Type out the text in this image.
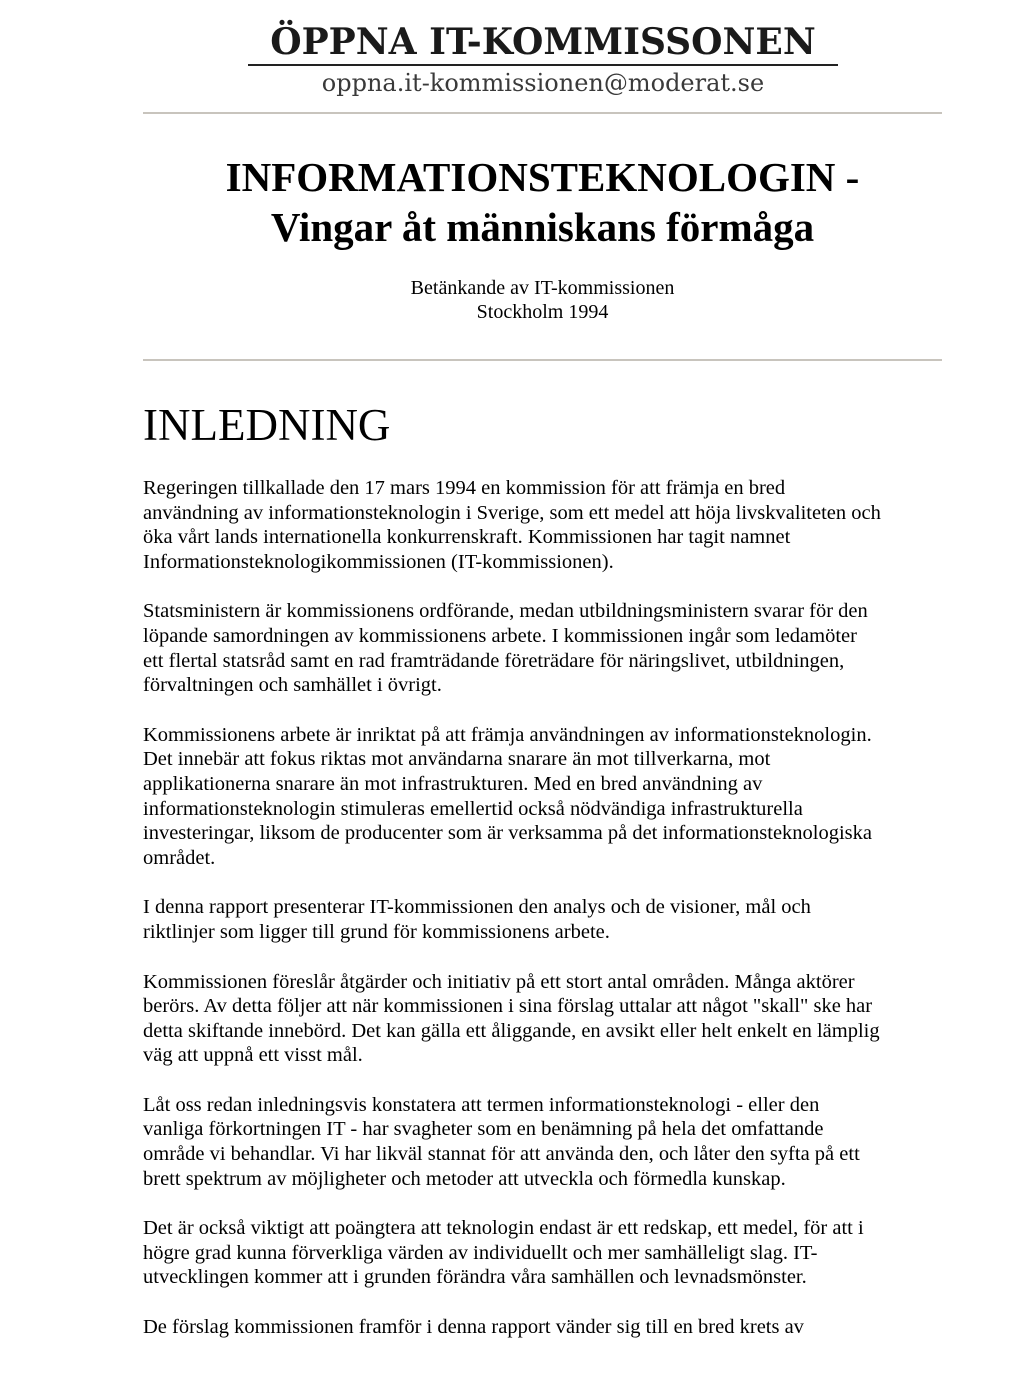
ÖPPNA IT-KOMMISSONEN
oppna.it-kommissionen@moderat.se
INFORMATIONSTEKNOLOGIN -
Vingar åt människans förmåga
Betänkande av IT-kommissionen
Stockholm 1994
INLEDNING

Regeringen tillkallade den 17 mars 1994 en kommission för att främja en bred
användning av informationsteknologin i Sverige, som ett medel att höja livskvaliteten och
öka vårt lands internationella konkurrenskraft. Kommissionen har tagit namnet
Informationsteknologikommissionen (IT-kommissionen).

Statsministern är kommissionens ordförande, medan utbildningsministern svarar för den
löpande samordningen av kommissionens arbete. I kommissionen ingår som ledamöter
ett flertal statsråd samt en rad framträdande företrädare för näringslivet, utbildningen,
förvaltningen och samhället i övrigt.

Kommissionens arbete är inriktat på att främja användningen av informationsteknologin.
Det innebär att fokus riktas mot användarna snarare än mot tillverkarna, mot
applikationerna snarare än mot infrastrukturen. Med en bred användning av
informationsteknologin stimuleras emellertid också nödvändiga infrastrukturella
investeringar, liksom de producenter som är verksamma på det informationsteknologiska
området.

I denna rapport presenterar IT-kommissionen den analys och de visioner, mål och
riktlinjer som ligger till grund för kommissionens arbete.

Kommissionen föreslår åtgärder och initiativ på ett stort antal områden. Många aktörer
berörs. Av detta följer att när kommissionen i sina förslag uttalar att något "skall" ske har
detta skiftande innebörd. Det kan gälla ett åliggande, en avsikt eller helt enkelt en lämplig
väg att uppnå ett visst mål.

Låt oss redan inledningsvis konstatera att termen informationsteknologi - eller den
vanliga förkortningen IT - har svagheter som en benämning på hela det omfattande
område vi behandlar. Vi har likväl stannat för att använda den, och låter den syfta på ett
brett spektrum av möjligheter och metoder att utveckla och förmedla kunskap.

Det är också viktigt att poängtera att teknologin endast är ett redskap, ett medel, för att i
högre grad kunna förverkliga värden av individuellt och mer samhälleligt slag. IT-
utvecklingen kommer att i grunden förändra våra samhällen och levnadsmönster.

De förslag kommissionen framför i denna rapport vänder sig till en bred krets av
